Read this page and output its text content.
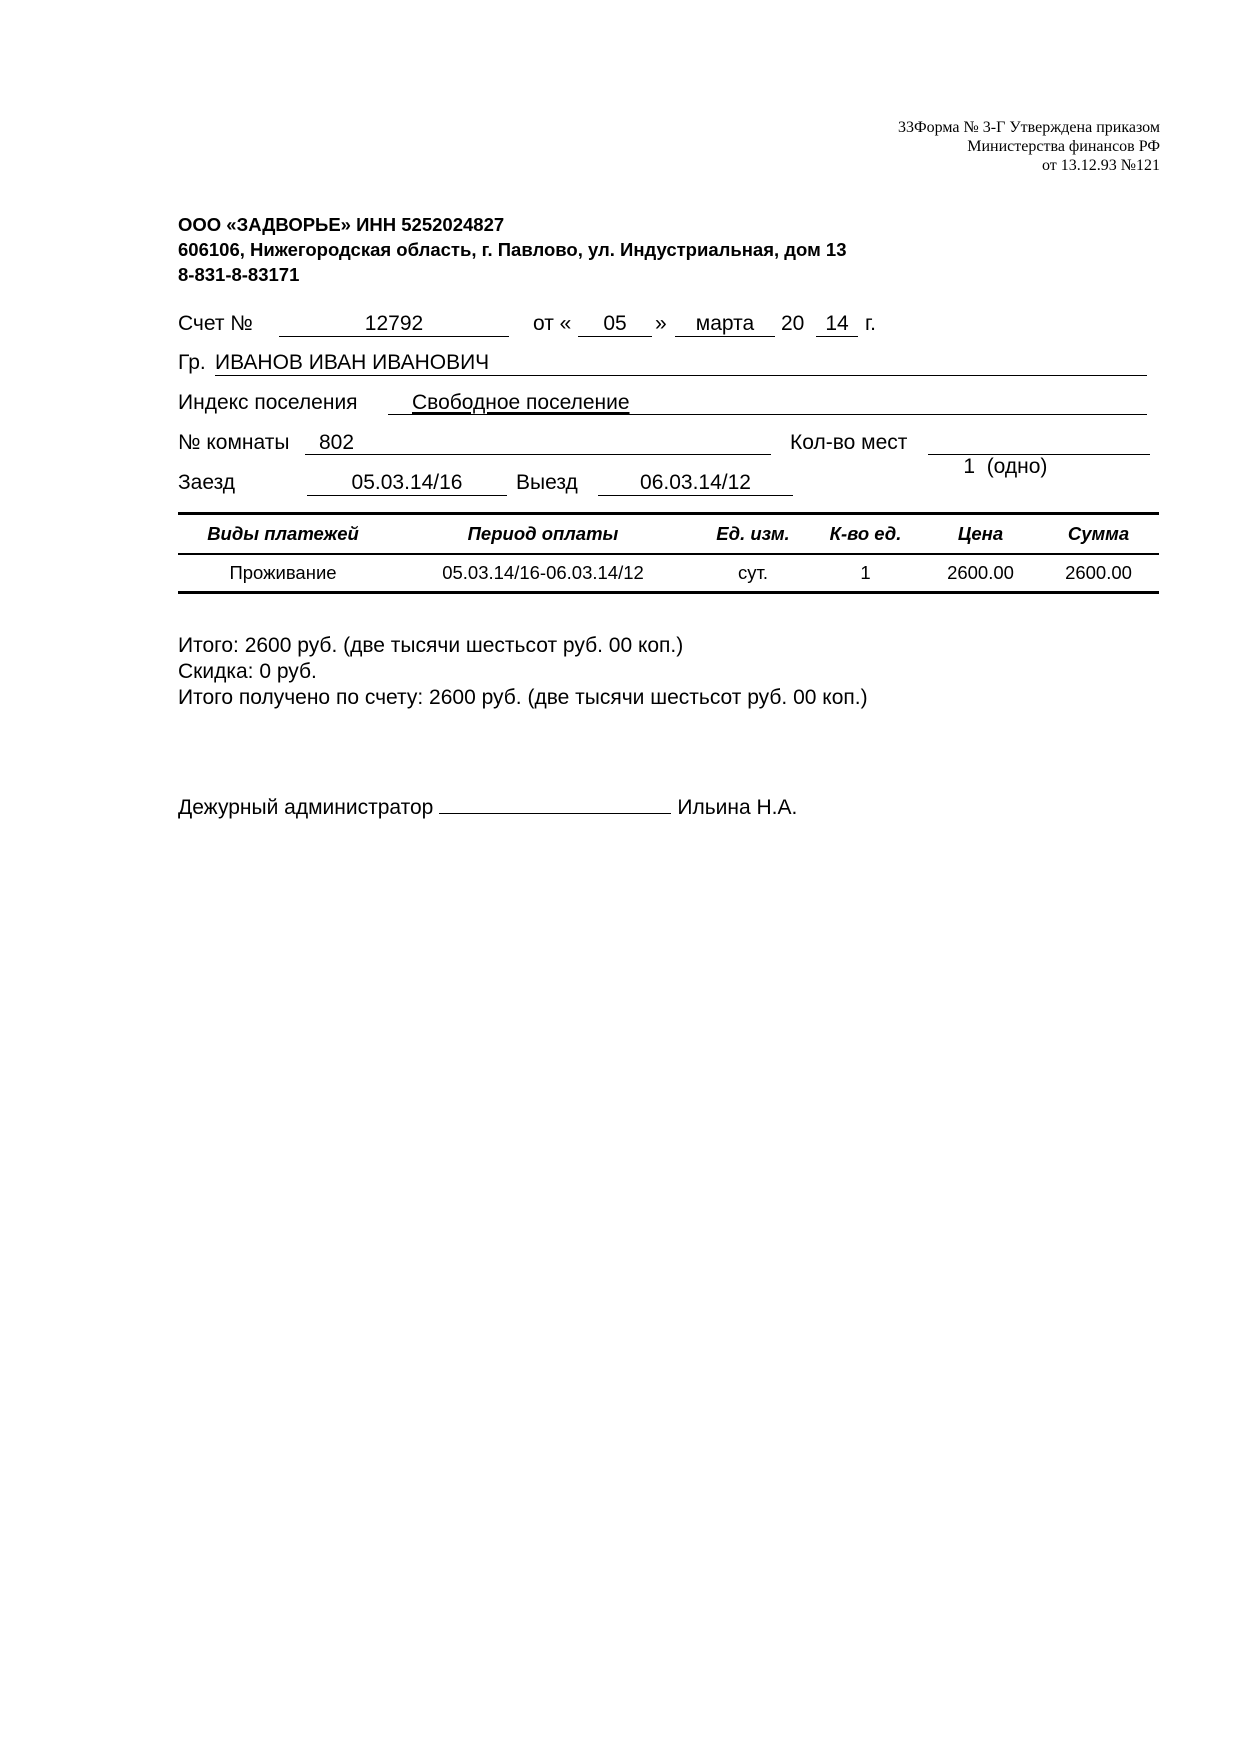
33Форма № 3-Г Утверждена приказом
Министерства финансов РФ
от 13.12.93 №121
ООО «ЗАДВОРЬЕ» ИНН 5252024827
606106, Нижегородская область, г. Павлово, ул. Индустриальная, дом 13
8-831-8-83171
Счет №	12792	от «	05	»	марта	20 14 г.
Гр. ИВАНОВ ИВАН ИВАНОВИЧ
Индекс поселения	Свободное поселение
№ комнаты	802	Кол-во мест

1  (одно)

Заезд	05.03.14/16	Выезд	06.03.14/12
Виды платежей	Период оплаты	Ед. изм.	К-во ед.	Цена	Сумма
Проживание	05.03.14/16-06.03.14/12	сут.	1	2600.00	2600.00
Итого: 2600 руб. (две тысячи шестьсот руб. 00 коп.)
Скидка: 0 руб.
Итого получено по счету: 2600 руб. (две тысячи шестьсот руб. 00 коп.)
Дежурный администратор	Ильина Н.А.
